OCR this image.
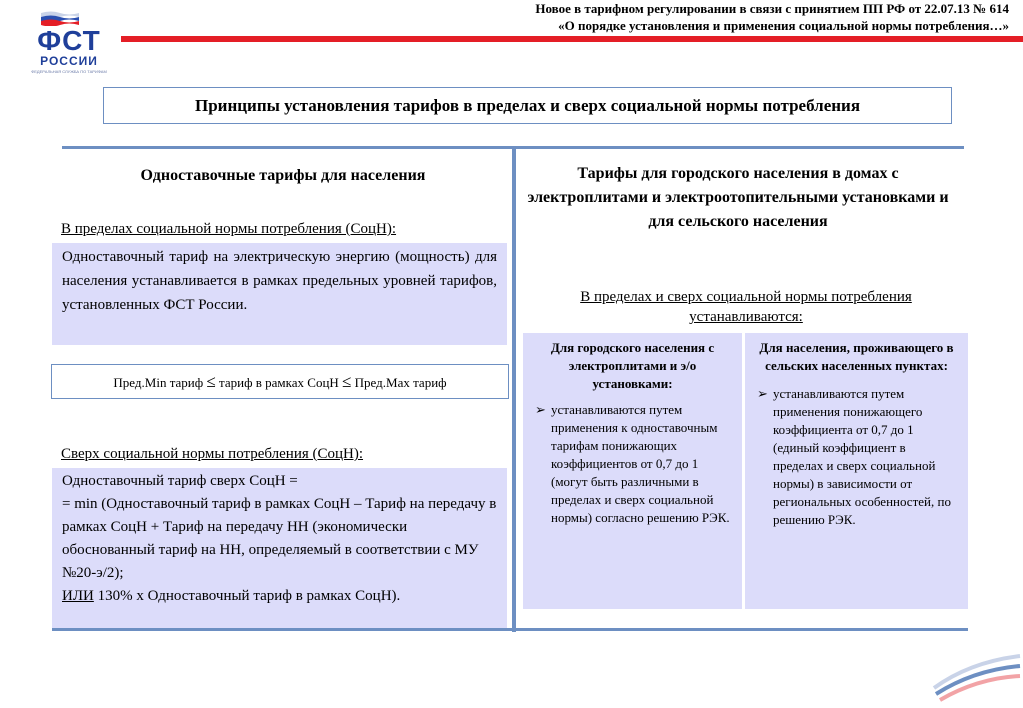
ФСТ
РОССИИ
ФЕДЕРАЛЬНАЯ СЛУЖБА ПО ТАРИФАМ
Новое в тарифном регулировании в связи с принятием ПП РФ от 22.07.13 № 614
«О порядке установления и применения социальной нормы потребления…»
Принципы установления тарифов в пределах и сверх социальной нормы потребления
Одноставочные тарифы для населения
В пределах социальной нормы потребления (СоцН):
Одноставочный тариф на электрическую энергию (мощность) для населения устанавливается в рамках предельных уровней тарифов, установленных ФСТ России.
Пред.Min тариф ≤ тариф в рамках СоцН ≤ Пред.Max тариф
Сверх социальной нормы потребления (СоцН):
Одноставочный тариф сверх СоцН =
= min (Одноставочный тариф в рамках СоцН – Тариф на передачу в рамках СоцН + Тариф на передачу НН (экономически обоснованный тариф на НН, определяемый в соответствии с МУ №20-э/2);
ИЛИ 130% х Одноставочный тариф в рамках СоцН).
Тарифы для городского населения в домах с электроплитами и электроотопительными установками и для сельского населения
В пределах и сверх социальной нормы потребления устанавливаются:
Для городского населения с электроплитами и э/о установками:
➢ устанавливаются путем применения к одноставочным тарифам понижающих коэффициентов от 0,7 до 1 (могут быть различными в пределах и сверх социальной нормы) согласно решению РЭК.
Для населения, проживающего в сельских населенных пунктах:
➢ устанавливаются путем применения понижающего коэффициента от 0,7 до 1 (единый коэффициент в пределах и сверх социальной нормы) в зависимости от региональных особенностей, по решению РЭК.
